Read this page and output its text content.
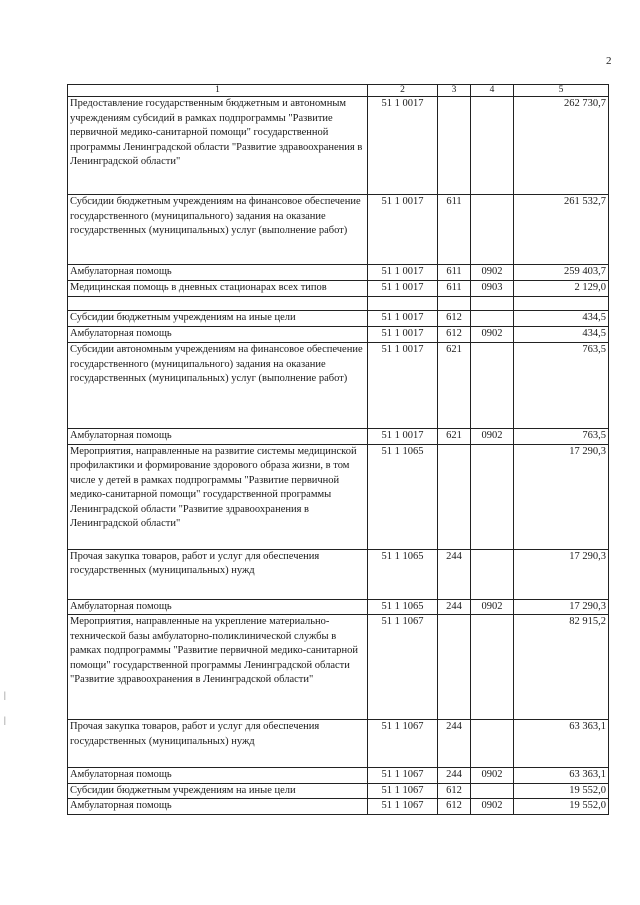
2
1	2	3	4	5
Предоставление государственным бюджетным и автономным учреждениям субсидий в рамках подпрограммы "Развитие первичной медико-санитарной помощи" государственной программы Ленинградской области "Развитие здравоохранения в Ленинградской области"	51 1 0017			262 730,7
Субсидии бюджетным учреждениям на финансовое обеспечение государственного (муниципального) задания на оказание государственных (муниципальных) услуг (выполнение работ)	51 1 0017	611		261 532,7
Амбулаторная помощь	51 1 0017	611	0902	259 403,7
Медицинская помощь в дневных стационарах всех типов	51 1 0017	611	0903	2 129,0

Субсидии бюджетным учреждениям на иные цели	51 1 0017	612		434,5
Амбулаторная помощь	51 1 0017	612	0902	434,5
Субсидии автономным учреждениям на финансовое обеспечение государственного (муниципального) задания на оказание государственных (муниципальных) услуг (выполнение работ)	51 1 0017	621		763,5
Амбулаторная помощь	51 1 0017	621	0902	763,5
Мероприятия, направленные на развитие системы медицинской профилактики и формирование здорового образа жизни, в том числе у детей в рамках подпрограммы "Развитие первичной медико-санитарной помощи" государственной программы Ленинградской области "Развитие здравоохранения в Ленинградской области"	51 1 1065			17 290,3
Прочая закупка товаров, работ и услуг для обеспечения государственных (муниципальных) нужд	51 1 1065	244		17 290,3
Амбулаторная помощь	51 1 1065	244	0902	17 290,3
Мероприятия, направленные на укрепление материально-технической базы амбулаторно-поликлинической службы в рамках подпрограммы "Развитие первичной медико-санитарной помощи" государственной программы Ленинградской области "Развитие здравоохранения в Ленинградской области"	51 1 1067			82 915,2
Прочая закупка товаров, работ и услуг для обеспечения государственных (муниципальных) нужд	51 1 1067	244		63 363,1
Амбулаторная помощь	51 1 1067	244	0902	63 363,1
Субсидии бюджетным учреждениям на иные цели	51 1 1067	612		19 552,0
Амбулаторная помощь	51 1 1067	612	0902	19 552,0
|
|
